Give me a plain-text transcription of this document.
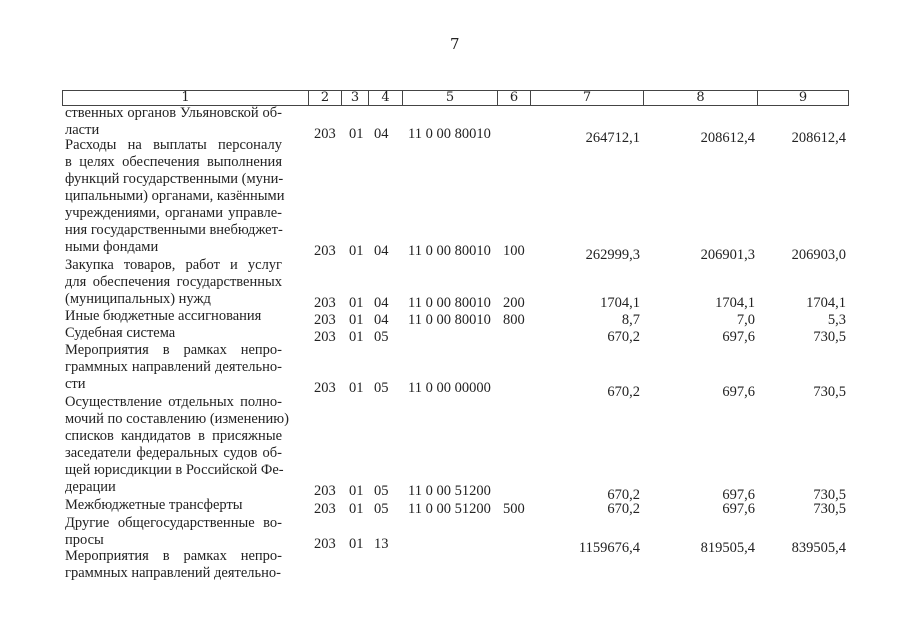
7
1	2	3	4	5	6	7	8	9
ственных органов Ульяновской об-
ласти	203 01 04 11 0 00 80010	264712,1	208612,4	208612,4
Расходы на выплаты персоналу
в целях обеспечения выполнения
функций государственными (муни-
ципальными) органами, казёнными
учреждениями, органами управле-
ния государственными внебюджет-
ными фондами	203 01 04 11 0 00 80010 100	262999,3	206901,3	206903,0
Закупка товаров, работ и услуг
для обеспечения государственных
(муниципальных) нужд	203 01 04 11 0 00 80010 200	1704,1	1704,1	1704,1
Иные бюджетные ассигнования	203 01 04 11 0 00 80010 800	8,7	7,0	5,3
Судебная система	203 01 05	670,2	697,6	730,5
Мероприятия в рамках непро-
граммных направлений деятельно-
сти	203 01 05 11 0 00 00000	670,2	697,6	730,5
Осуществление отдельных полно-
мочий по составлению (изменению)
списков кандидатов в присяжные
заседатели федеральных судов об-
щей юрисдикции в Российской Фе-
дерации	203 01 05 11 0 00 51200	670,2	697,6	730,5
Межбюджетные трансферты	203 01 05 11 0 00 51200 500	670,2	697,6	730,5
Другие общегосударственные во-
просы	203 01 13	1159676,4	819505,4	839505,4
Мероприятия в рамках непро-
граммных направлений деятельно-
